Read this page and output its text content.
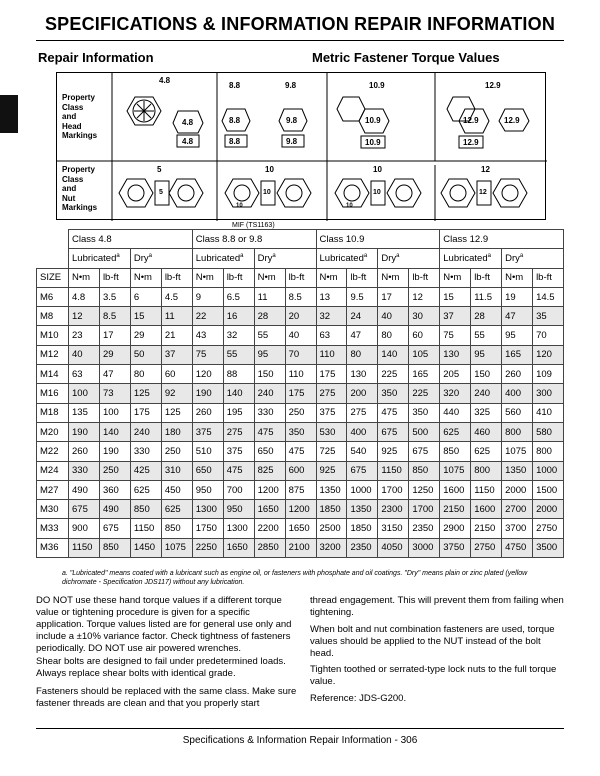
SPECIFICATIONS & INFORMATION REPAIR INFORMATION
Repair Information	Metric Fastener Torque Values
Property
Class
and
Head
Markings
Property
Class
and
Nut
Markings
4.8
8.8	9.8	10.9	12.9
4.8
4.8
8.8	9.8
8.8	9.8
10.9
10.9
12.9
12.9
12.9
5	10	10	12
5
10
10
10
10	12
MIF (TS1163)
	Class 4.8				Class 8.8 or 9.8				Class 10.9				Class 12.9			
	Lubricated$^a$		Dry$^a$		Lubricated$^a$		Dry$^a$		Lubricated$^a$		Dry$^a$		Lubricated$^a$		Dry$^a$
SIZE	N•m	lb-ft	N•m	lb-ft	N•m	lb-ft	N•m	lb-ft	N•m	lb-ft	N•m	lb-ft	N•m	lb-ft	N•m	lb-ft
M6	4.8	3.5	6	4.5	9	6.5	11	8.5	13	9.5	17	12	15	11.5	19	14.5
M8	12	8.5	15	11	22	16	28	20	32	24	40	30	37	28	47	35
M10	23	17	29	21	43	32	55	40	63	47	80	60	75	55	95	70
M12	40	29	50	37	75	55	95	70	110	80	140	105	130	95	165	120
M14	63	47	80	60	120	88	150	110	175	130	225	165	205	150	260	109
M16	100	73	125	92	190	140	240	175	275	200	350	225	320	240	400	300
M18	135	100	175	125	260	195	330	250	375	275	475	350	440	325	560	410
M20	190	140	240	180	375	275	475	350	530	400	675	500	625	460	800	580
M22	260	190	330	250	510	375	650	475	725	540	925	675	850	625	1075	800
M24	330	250	425	310	650	475	825	600	925	675	1150	850	1075	800	1350	1000
M27	490	360	625	450	950	700	1200	875	1350	1000	1700	1250	1600	1150	2000	1500
M30	675	490	850	625	1300	950	1650	1200	1850	1350	2300	1700	2150	1600	2700	2000
M33	900	675	1150	850	1750	1300	2200	1650	2500	1850	3150	2350	2900	2150	3700	2750
M36	1150	850	1450	1075	2250	1650	2850	2100	3200	2350	4050	3000	3750	2750	4750	3500
a. "Lubricated" means coated with a lubricant such as engine oil, or fasteners with phosphate and oil coatings. "Dry" means plain or zinc plated (yellow dichromate - Specification JDS117) without any lubrication.
DO NOT use these hand torque values if a different torque value or tightening procedure is given for a specific application. Torque values listed are for general use only and include a ±10% variance factor. Check tightness of fasteners periodically. DO NOT use air powered wrenches.
Shear bolts are designed to fail under predetermined loads. Always replace shear bolts with identical grade.
Fasteners should be replaced with the same class. Make sure fastener threads are clean and that you properly start
thread engagement. This will prevent them from failing when tightening.
When bolt and nut combination fasteners are used, torque values should be applied to the NUT instead of the bolt head.
Tighten toothed or serrated-type lock nuts to the full torque value.
Reference: JDS-G200.
Specifications & Information Repair Information - 306
